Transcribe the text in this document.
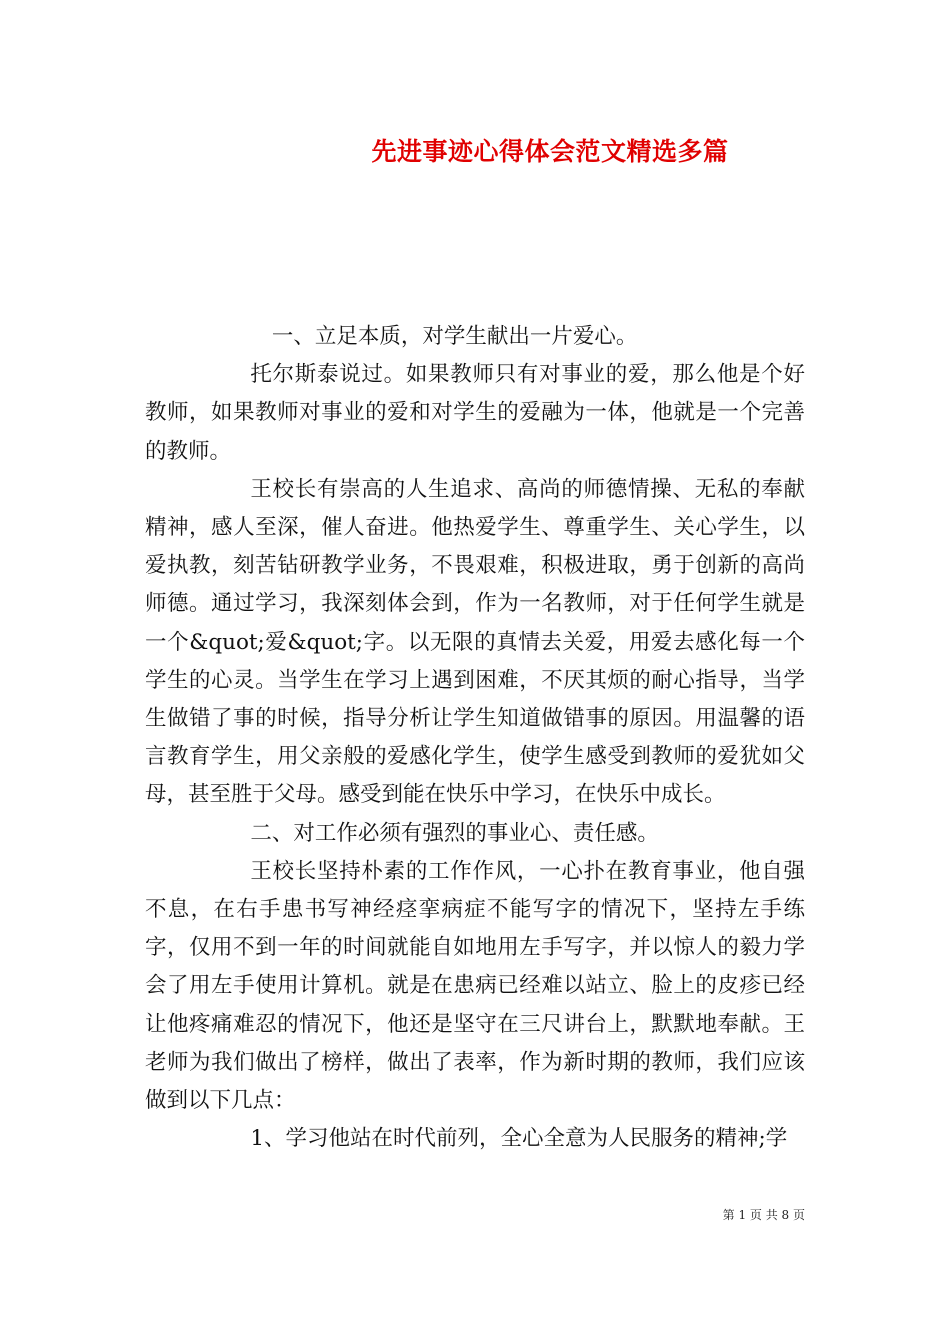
先进事迹心得体会范文精选多篇

一、立足本质，对学生献出一片爱心。

托尔斯泰说过。如果教师只有对事业的爱，那么他是个好教师，如果教师对事业的爱和对学生的爱融为一体，他就是一个完善的教师。

王校长有崇高的人生追求、高尚的师德情操、无私的奉献精神，感人至深，催人奋进。他热爱学生、尊重学生、关心学生，以爱执教，刻苦钻研教学业务，不畏艰难，积极进取，勇于创新的高尚师德。通过学习，我深刻体会到，作为一名教师，对于任何学生就是一个&quot;爱&quot;字。以无限的真情去关爱，用爱去感化每一个学生的心灵。当学生在学习上遇到困难，不厌其烦的耐心指导，当学生做错了事的时候，指导分析让学生知道做错事的原因。用温馨的语言教育学生，用父亲般的爱感化学生，使学生感受到教师的爱犹如父母，甚至胜于父母。感受到能在快乐中学习，在快乐中成长。

二、对工作必须有强烈的事业心、责任感。

王校长坚持朴素的工作作风，一心扑在教育事业，他自强不息，在右手患书写神经痉挛病症不能写字的情况下，坚持左手练字，仅用不到一年的时间就能自如地用左手写字，并以惊人的毅力学会了用左手使用计算机。就是在患病已经难以站立、脸上的皮疹已经让他疼痛难忍的情况下，他还是坚守在三尺讲台上，默默地奉献。王老师为我们做出了榜样，做出了表率，作为新时期的教师，我们应该做到以下几点：

1、学习他站在时代前列，全心全意为人民服务的精神;学

第 1 页 共 8 页
